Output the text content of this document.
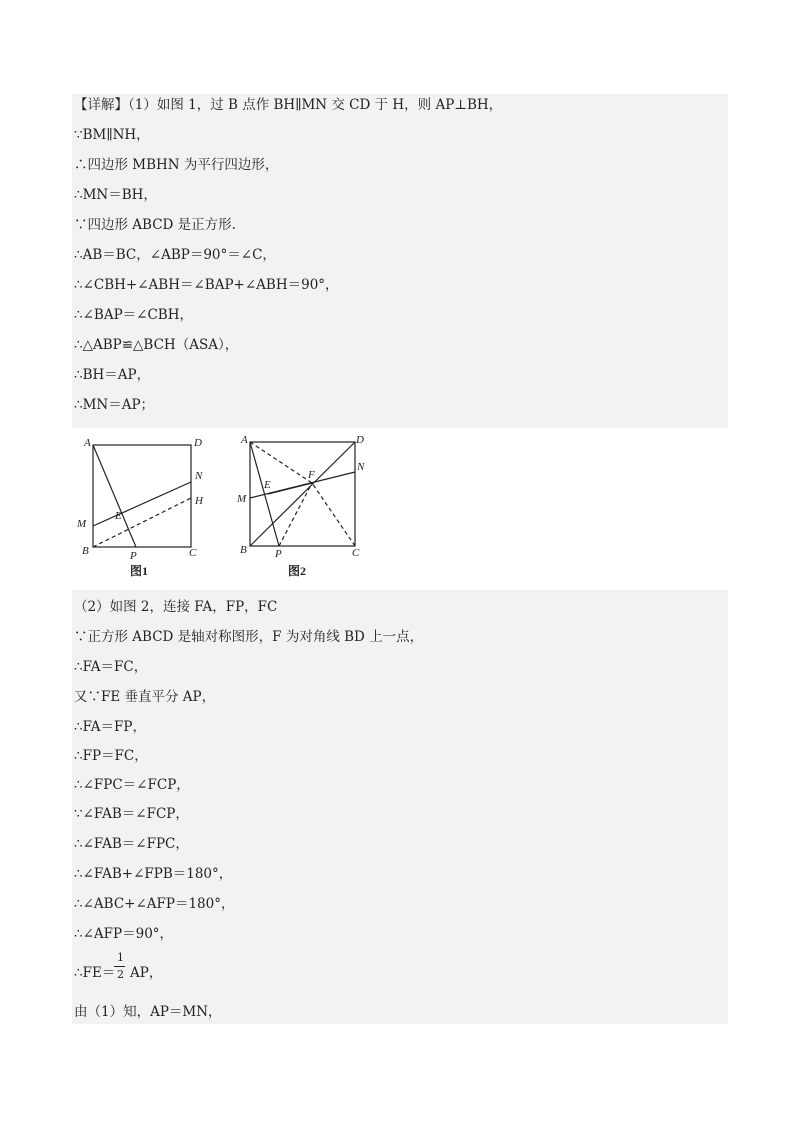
【详解】（1）如图 1，过 B 点作 BH∥MN 交 CD 于 H，则 AP⊥BH，
∵BM∥NH，
∴四边形 MBHN 为平行四边形，
∴MN＝BH，
∵四边形 ABCD 是正方形.
∴AB＝BC，∠ABP＝90°＝∠C，
∴∠CBH+∠ABH＝∠BAP+∠ABH＝90°，
∴∠BAP＝∠CBH，
∴△ABP≌△BCH（ASA），
∴BH＝AP，
∴MN＝AP；
A
B	C
D
N
H
M
E
P
图1
A
B	C
D
N
M
E
F
P
图2
（2）如图 2，连接 FA，FP，FC
∵正方形 ABCD 是轴对称图形，F 为对角线 BD 上一点，
∴FA＝FC，
又∵FE 垂直平分 AP，
∴FA＝FP，
∴FP＝FC，
∴∠FPC＝∠FCP，
∵∠FAB＝∠FCP，
∴∠FAB＝∠FPC，
∴∠FAB+∠FPB＝180°，
∴∠ABC+∠AFP＝180°，
∴∠AFP＝90°，
∴FE＝
1
2 AP，
由（1）知，AP＝MN，
